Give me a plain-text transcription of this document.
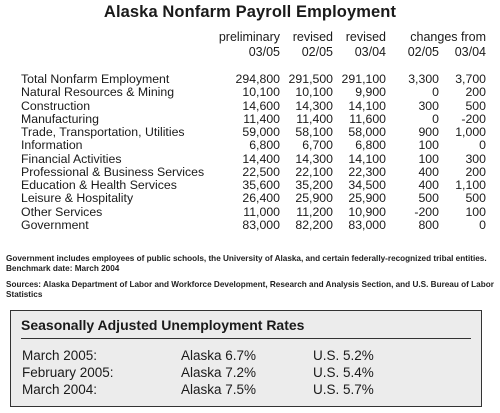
Alaska Nonfarm Payroll Employment
preliminary revised revised changes from
03/05 02/05 03/04 02/05 03/04
Total Nonfarm Employment	294,800 291,500 291,100 3,300 3,700
Natural Resources & Mining	10,100 10,100 9,900	0 200
Construction	14,600 14,300 14,100	300 500
Manufacturing	11,400 11,400 11,600	0 -200
Trade, Transportation, Utilities	59,000 58,100 58,000	900 1,000
Information	6,800 6,700 6,800	100	0
Financial Activities	14,400 14,300 14,100	100 300
Professional & Business Services	22,500 22,100 22,300	400 200
Education & Health Services	35,600 35,200 34,500	400 1,100
Leisure & Hospitality	26,400 25,900 25,900	500 500
Other Services	11,000 11,200 10,900 -200 100
Government	83,000 82,200 83,000	800	0
Government includes employees of public schools, the University of Alaska, and certain federally-recognized tribal entities. Benchmark date: March 2004
Sources: Alaska Department of Labor and Workforce Development, Research and Analysis Section, and U.S. Bureau of Labor Statistics
Seasonally Adjusted Unemployment Rates
March 2005:	Alaska 6.7%	U.S. 5.2%
February 2005:	Alaska 7.2%	U.S. 5.4%
March 2004:	Alaska 7.5%	U.S. 5.7%
